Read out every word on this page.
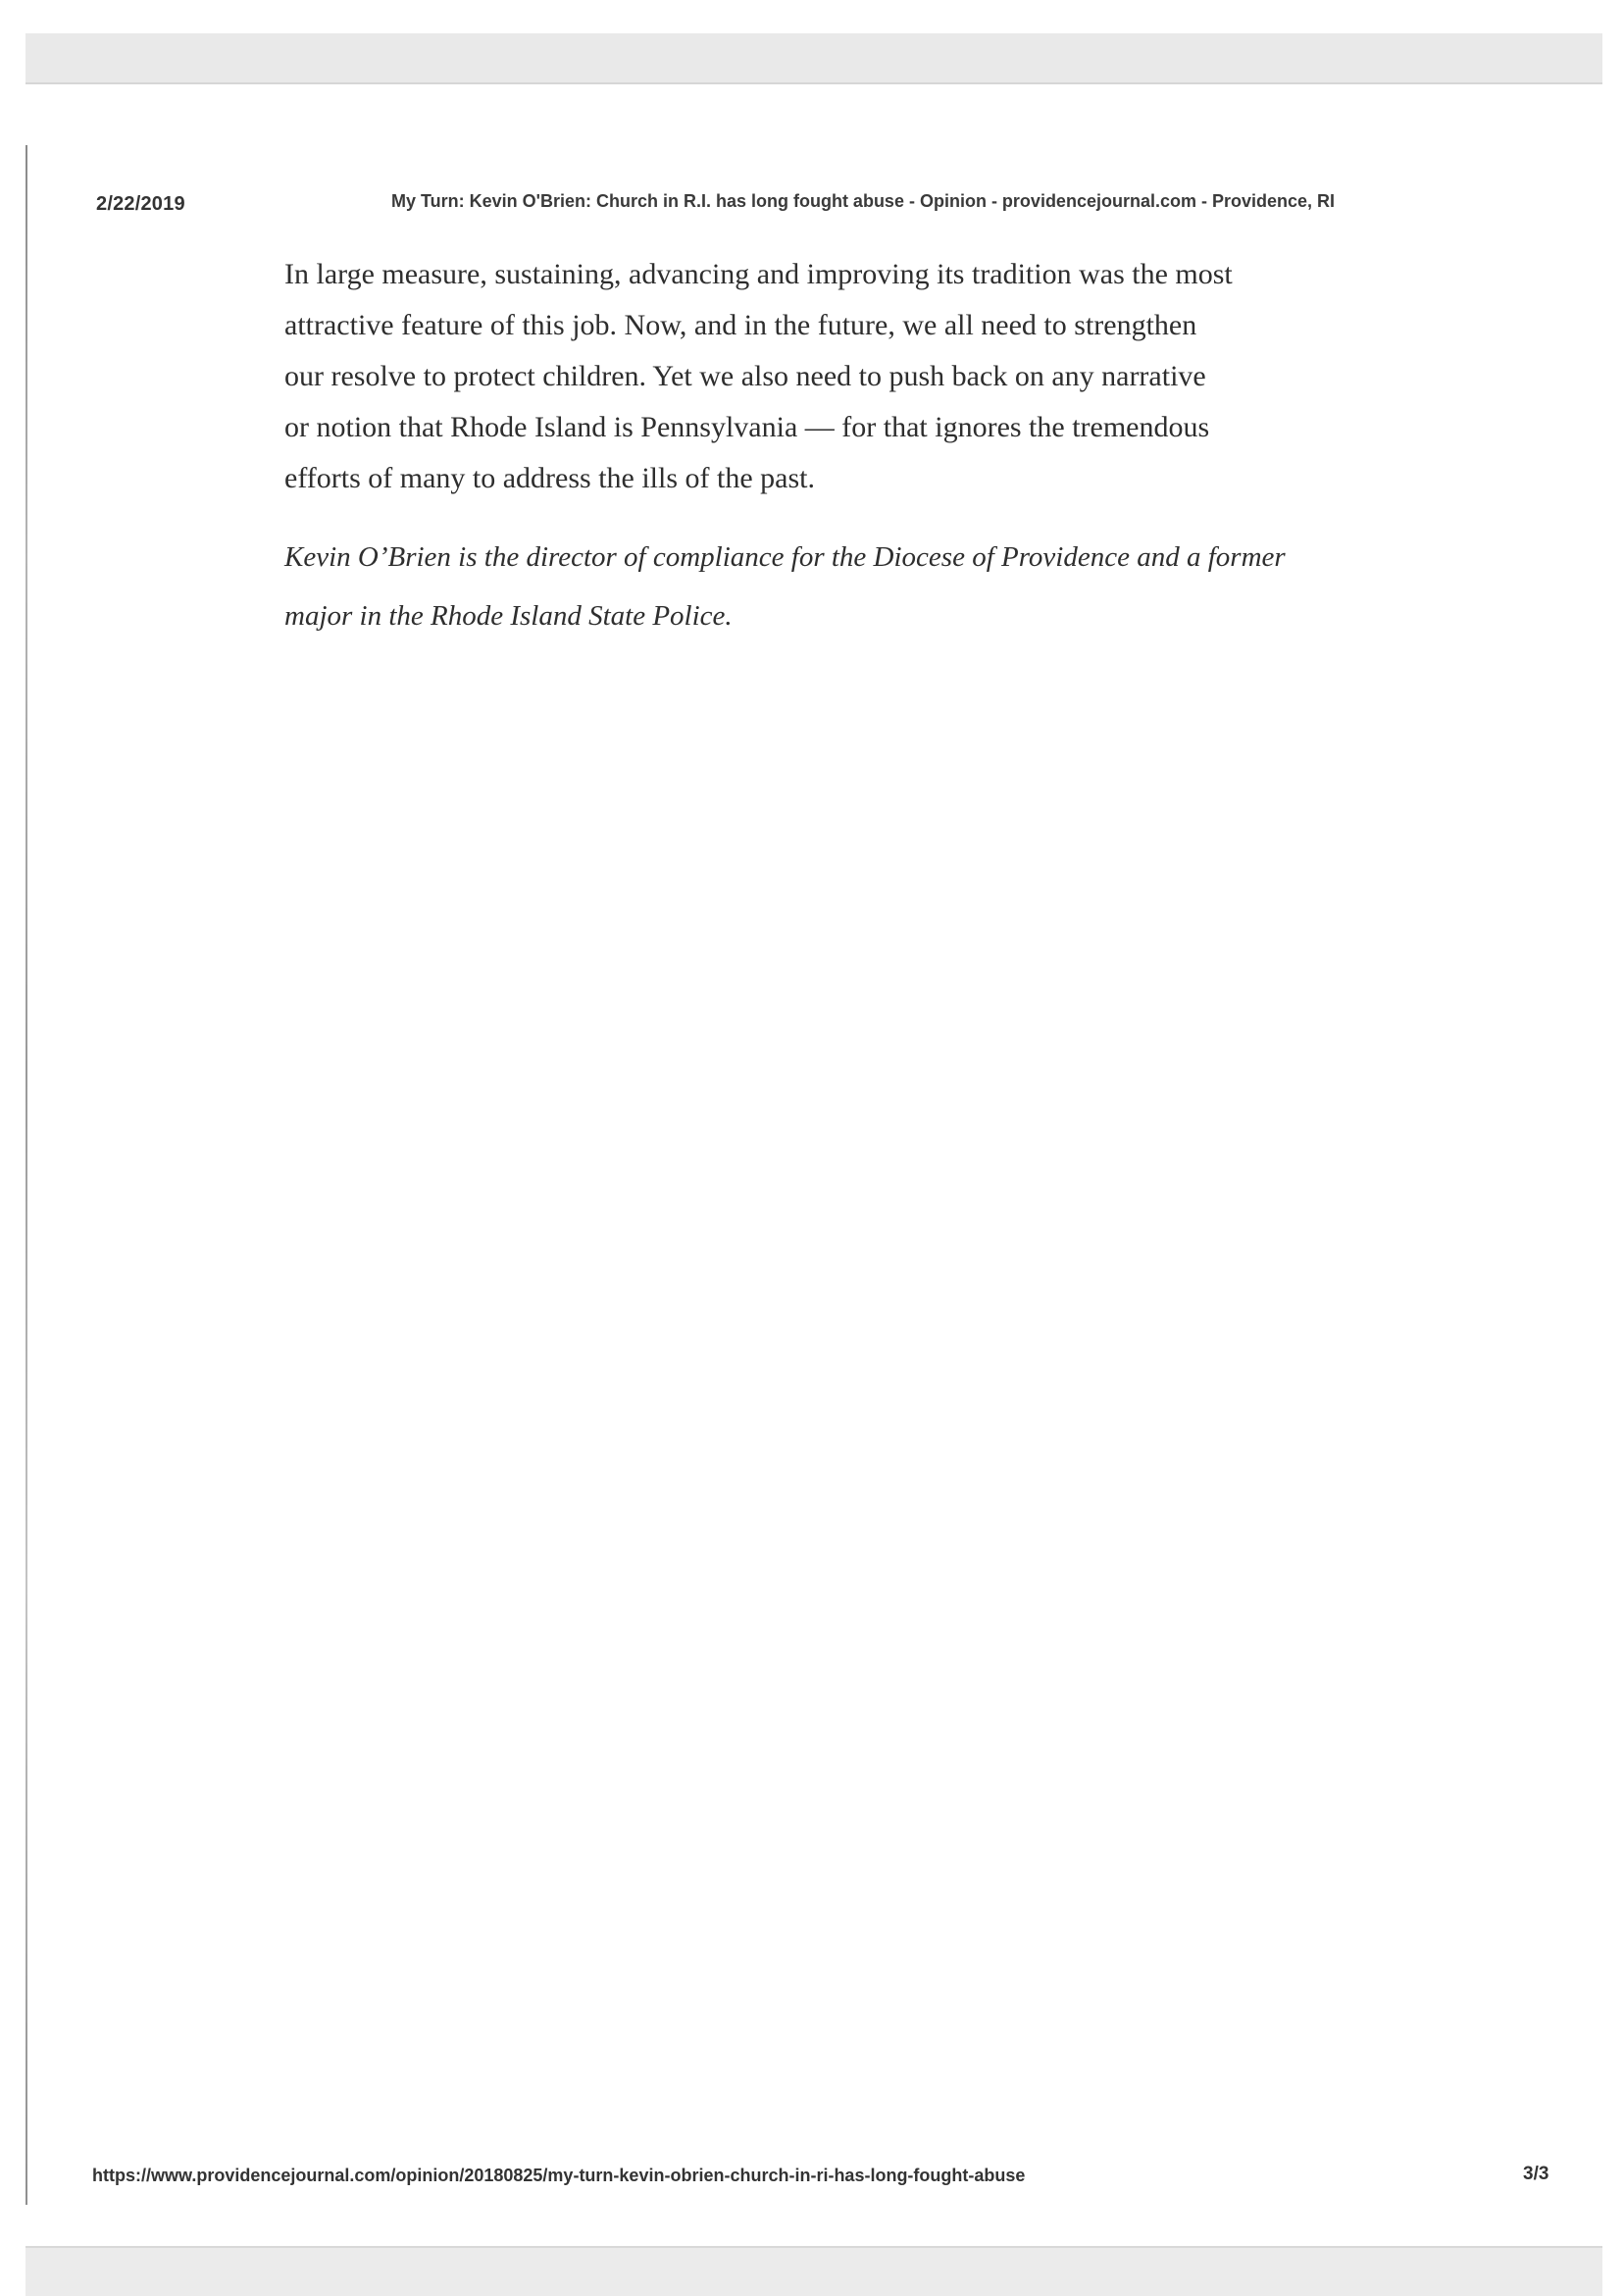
2/22/2019	My Turn: Kevin O'Brien: Church in R.I. has long fought abuse - Opinion - providencejournal.com - Providence, RI

In large measure, sustaining, advancing and improving its tradition was the most
attractive feature of this job. Now, and in the future, we all need to strengthen
our resolve to protect children. Yet we also need to push back on any narrative
or notion that Rhode Island is Pennsylvania — for that ignores the tremendous
efforts of many to address the ills of the past.

Kevin O’Brien is the director of compliance for the Diocese of Providence and a former
major in the Rhode Island State Police.

https://www.providencejournal.com/opinion/20180825/my-turn-kevin-obrien-church-in-ri-has-long-fought-abuse	3/3
